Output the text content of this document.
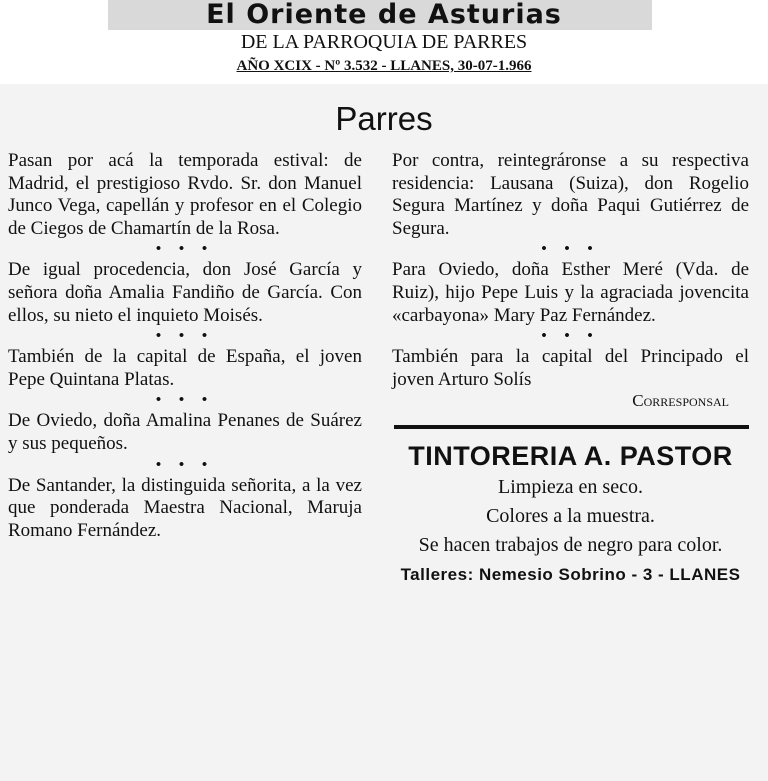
El Oriente de Asturias
DE LA PARROQUIA DE PARRES
AÑO XCIX - Nº 3.532 - LLANES, 30-07-1.966
Parres
Pasan por acá la temporada estival: de Madrid, el prestigioso Rvdo. Sr. don Manuel Junco Vega, capellán y profesor en el Colegio de Ciegos de Chamartín de la Rosa.
• • •
De igual procedencia, don José García y señora doña Amalia Fandiño de García. Con ellos, su nieto el inquieto Moisés.
• • •
También de la capital de España, el joven Pepe Quintana Platas.
• • •
De Oviedo, doña Amalina Penanes de Suárez y sus pequeños.
• • •
De Santander, la distinguida señorita, a la vez que ponderada Maestra Nacional, Maruja Romano Fernández.
Por contra, reintegráronse a su respectiva residencia: Lausana (Suiza), don Rogelio Segura Martínez y doña Paqui Gutiérrez de Segura.
• • •
Para Oviedo, doña Esther Meré (Vda. de Ruiz), hijo Pepe Luis y la agraciada jovencita «carbayona» Mary Paz Fernández.
• • •
También para la capital del Principado el joven Arturo Solís
Corresponsal
TINTORERIA A. PASTOR
Limpieza en seco.
Colores a la muestra.
Se hacen trabajos de negro para color.
Talleres: Nemesio Sobrino - 3 - LLANES
